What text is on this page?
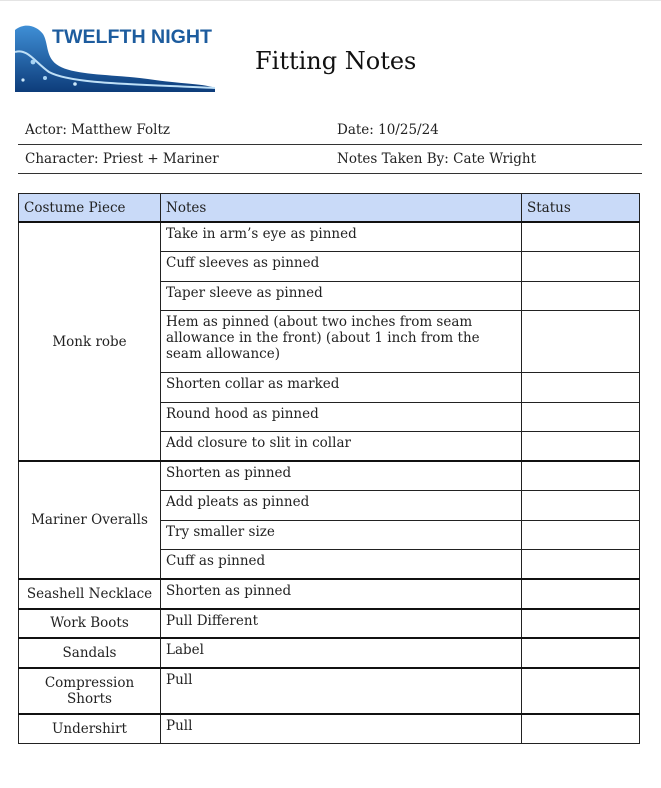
TWELFTH NIGHT
or what you will	Fitting Notes
Actor: Matthew Foltz	Date: 10/25/24
Character: Priest + Mariner	Notes Taken By: Cate Wright
Costume Piece	Notes	Status
Monk robe	Take in arm’s eye as pinned	
	Cuff sleeves as pinned	
	Taper sleeve as pinned	
	Hem as pinned (about two inches from seam allowance in the front) (about 1 inch from the seam allowance)	
	Shorten collar as marked	
	Round hood as pinned	
	Add closure to slit in collar	
Mariner Overalls	Shorten as pinned	
	Add pleats as pinned	
	Try smaller size	
	Cuff as pinned	
Seashell Necklace	Shorten as pinned	
Work Boots	Pull Different	
Sandals	Label	
Compression Shorts	Pull	
Undershirt	Pull	
